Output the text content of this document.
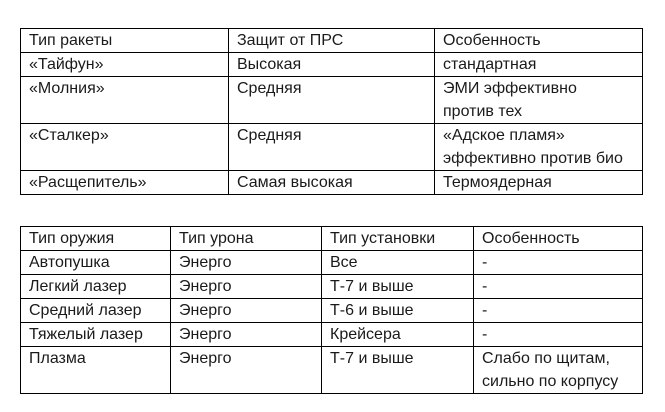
Тип ракеты	Защит от ПРС	Особенность
«Тайфун»	Высокая	стандартная

«Молния»	Средняя	ЭМИ эффективно
против тех

«Сталкер»	Средняя	«Адское пламя»
эффективно против био

«Расщепитель»	Самая высокая	Термоядерная
Тип оружия	Тип урона	Тип установки	Особенность
Автопушка	Энерго	Все	-

Легкий лазер	Энерго	Т-7 и выше	-

Средний лазер	Энерго	Т-6 и выше	-

Тяжелый лазер	Энерго	Крейсера	-

Плазма	Энерго	Т-7 и выше	Слабо по щитам,
сильно по корпусу
